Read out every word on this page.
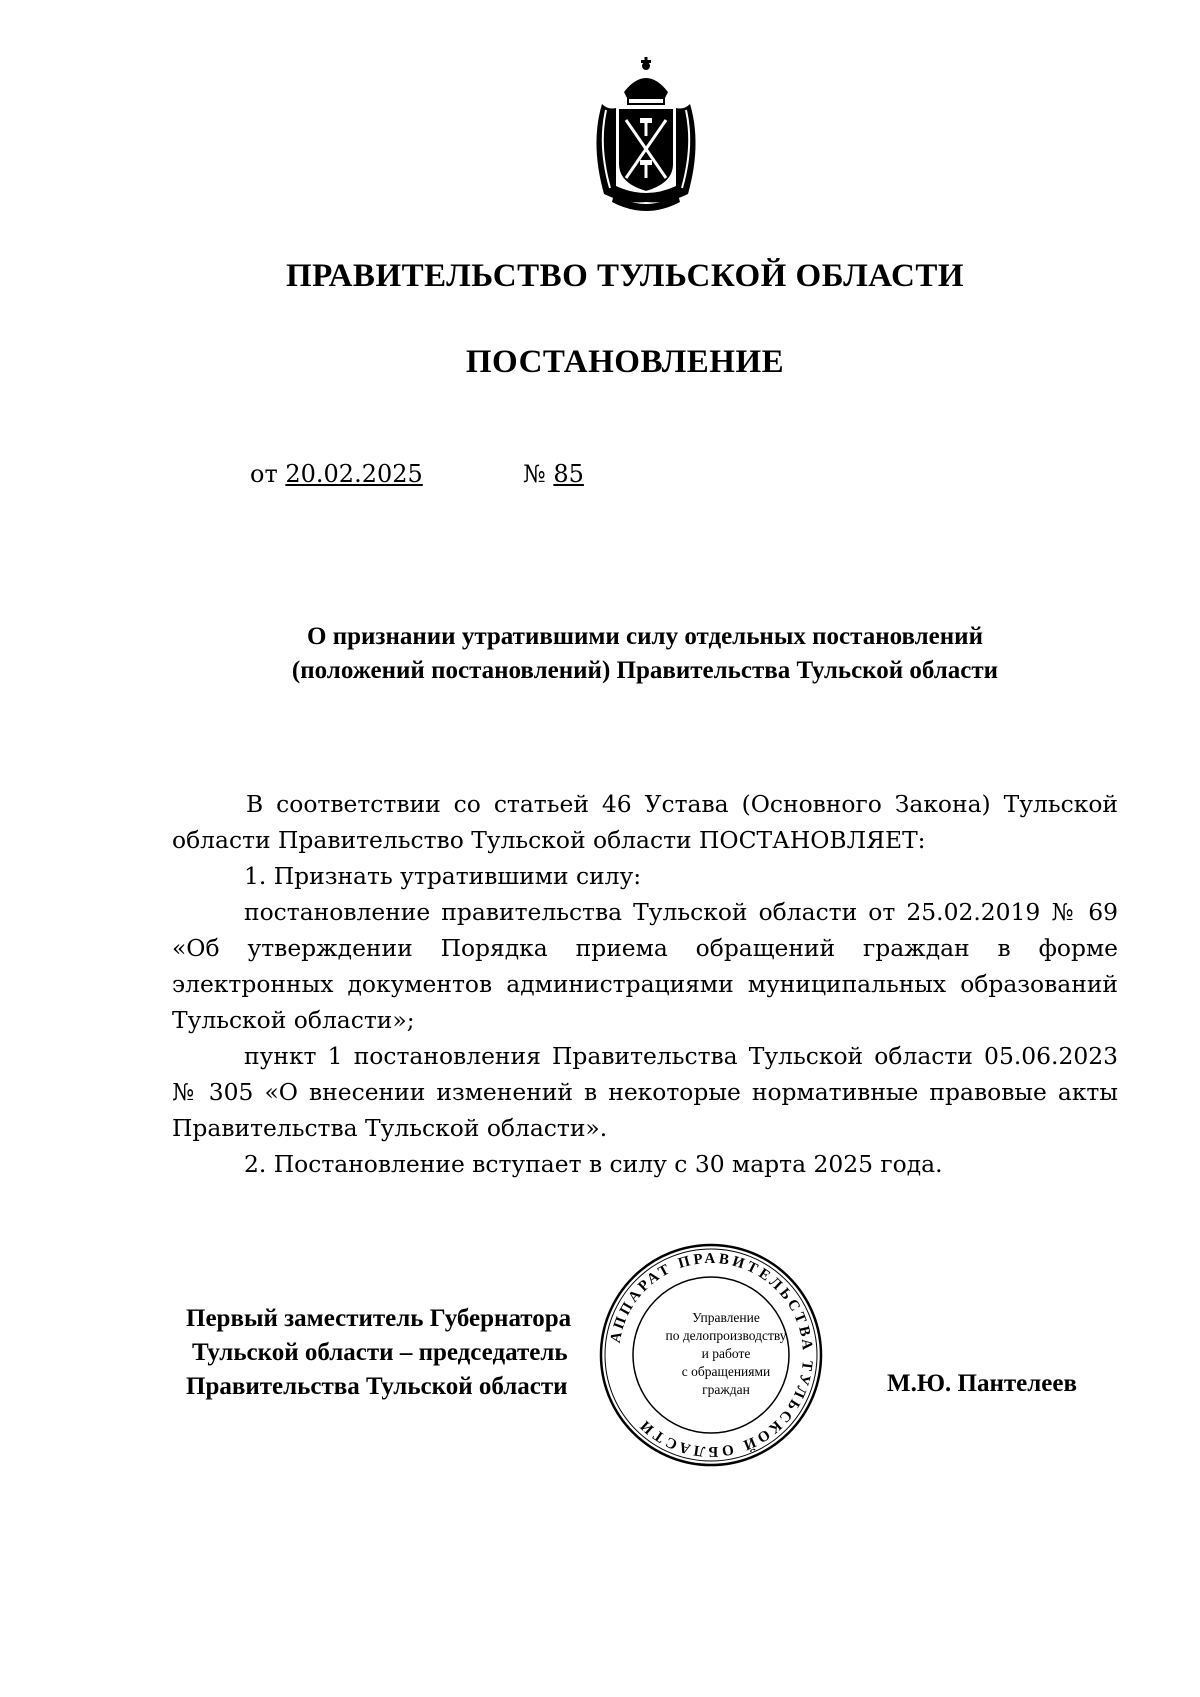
ПРАВИТЕЛЬСТВО ТУЛЬСКОЙ ОБЛАСТИ
ПОСТАНОВЛЕНИЕ
от 20.02.2025	№ 85
О признании утратившими силу отдельных постановлений
(положений постановлений) Правительства Тульской области

В соответствии со статьей 46 Устава (Основного Закона) Тульской области Правительство Тульской области ПОСТАНОВЛЯЕТ:

1. Признать утратившими силу:

постановление правительства Тульской области от 25.02.2019 № 69 «Об утверждении Порядка приема обращений граждан в форме электронных документов администрациями муниципальных образований Тульской области»;

пункт 1 постановления Правительства Тульской области 05.06.2023 № 305 «О внесении изменений в некоторые нормативные правовые акты Правительства Тульской области».

2. Постановление вступает в силу с 30 марта 2025 года.

Первый заместитель Губернатора
Тульской области – председатель
Правительства Тульской области
АППАРАТ ПРАВИТЕЛЬСТВА ТУЛЬСКОЙ ОБЛАСТИ
Управление
по делопроизводству
и работе
с обращениями
граждан	М.Ю. Пантелеев
